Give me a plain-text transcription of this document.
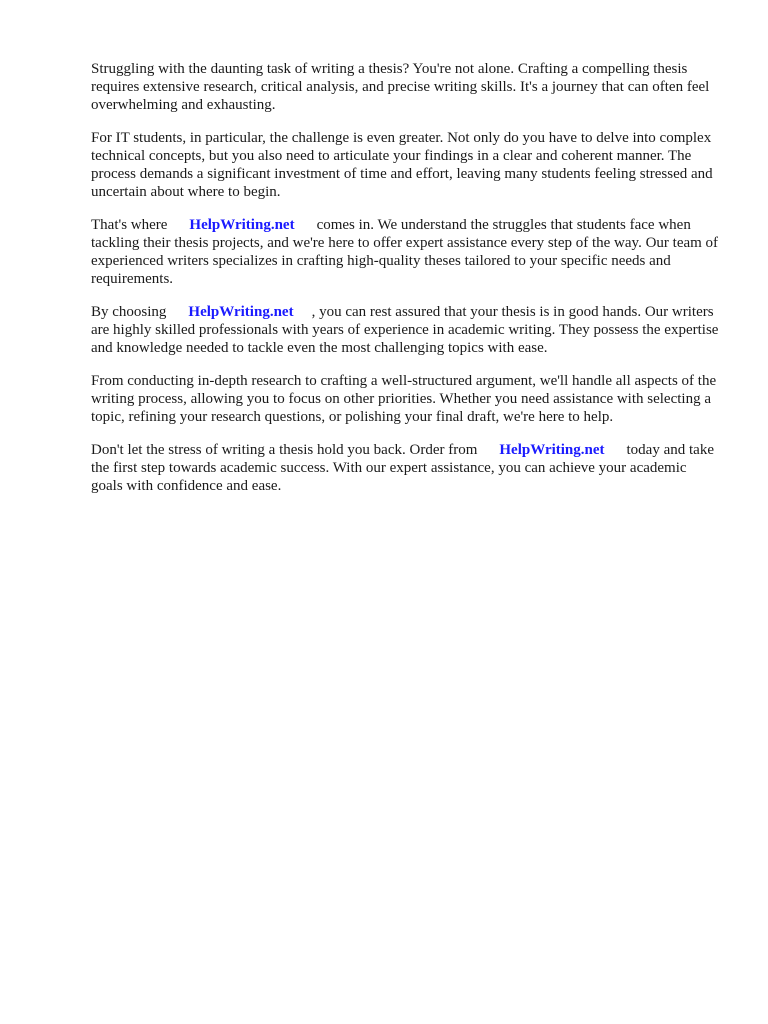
Struggling with the daunting task of writing a thesis? You're not alone. Crafting a compelling thesis requires extensive research, critical analysis, and precise writing skills. It's a journey that can often feel overwhelming and exhausting.

For IT students, in particular, the challenge is even greater. Not only do you have to delve into complex technical concepts, but you also need to articulate your findings in a clear and coherent manner. The process demands a significant investment of time and effort, leaving many students feeling stressed and uncertain about where to begin.

That's where HelpWriting.net comes in. We understand the struggles that students face when tackling their thesis projects, and we're here to offer expert assistance every step of the way. Our team of experienced writers specializes in crafting high-quality theses tailored to your specific needs and requirements.

By choosing HelpWriting.net , you can rest assured that your thesis is in good hands. Our writers are highly skilled professionals with years of experience in academic writing. They possess the expertise and knowledge needed to tackle even the most challenging topics with ease.

From conducting in-depth research to crafting a well-structured argument, we'll handle all aspects of the writing process, allowing you to focus on other priorities. Whether you need assistance with selecting a topic, refining your research questions, or polishing your final draft, we're here to help.

Don't let the stress of writing a thesis hold you back. Order from HelpWriting.net today and take the first step towards academic success. With our expert assistance, you can achieve your academic goals with confidence and ease.
